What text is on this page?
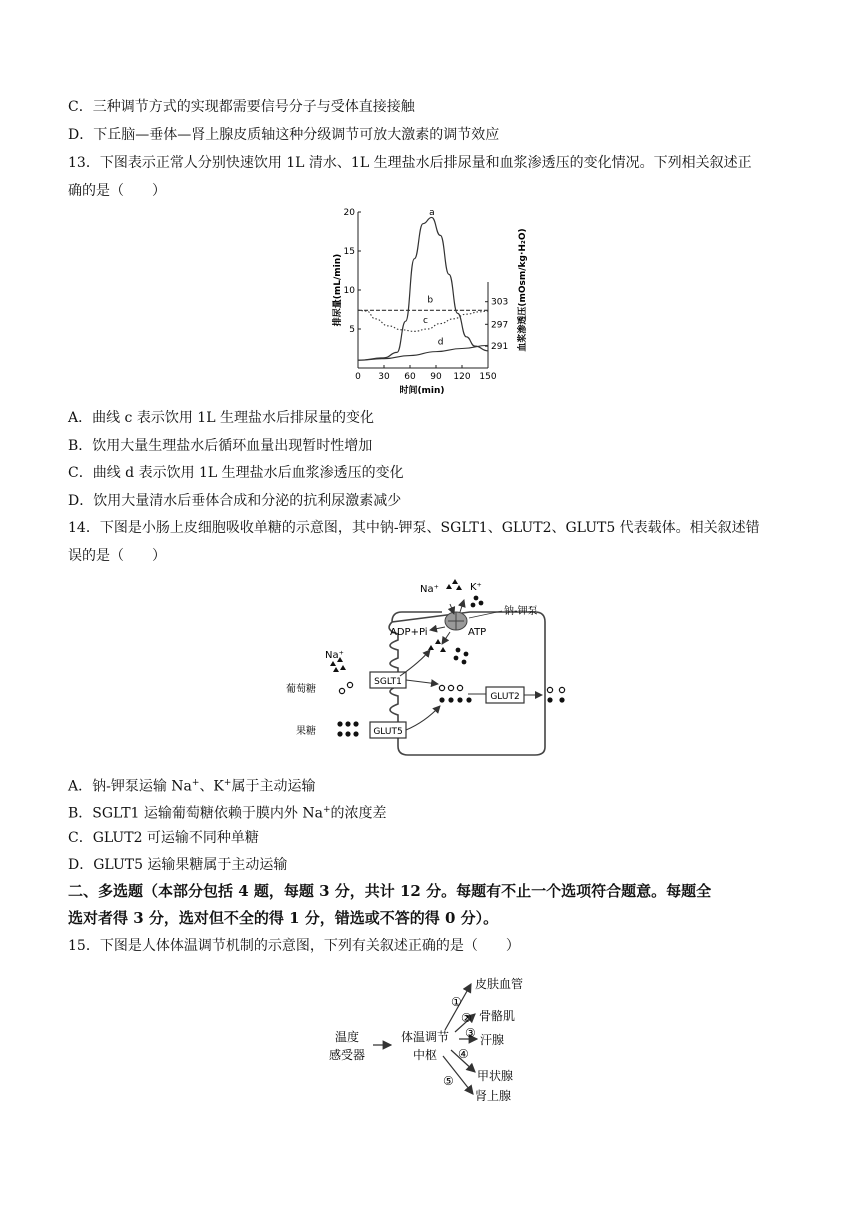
C．三种调节方式的实现都需要信号分子与受体直接接触
D．下丘脑—垂体—肾上腺皮质轴这种分级调节可放大激素的调节效应
13．下图表示正常人分别快速饮用 1L 清水、1L 生理盐水后排尿量和血浆渗透压的变化情况。下列相关叙述正
确的是（　　）
排尿量(mL/min)	血浆渗透压(mOsm/kg·H₂O)
时间(min)
0 30 60 90 120 150
5
10
15
20
291
297
303
a
b
c
d
A．曲线 c 表示饮用 1L 生理盐水后排尿量的变化
B．饮用大量生理盐水后循环血量出现暂时性增加
C．曲线 d 表示饮用 1L 生理盐水后血浆渗透压的变化
D．饮用大量清水后垂体合成和分泌的抗利尿激素减少
14．下图是小肠上皮细胞吸收单糖的示意图，其中钠-钾泵、SGLT1、GLUT2、GLUT5 代表载体。相关叙述错
误的是（　　）
Na⁺	K⁺
钠-钾泵
ADP+Pi	ATP
Na⁺
葡萄糖
果糖
SGLT1
GLUT2
GLUT5
A．钠-钾泵运输 Na+、K+属于主动运输
B．SGLT1 运输葡萄糖依赖于膜内外 Na+的浓度差
C．GLUT2 可运输不同种单糖
D．GLUT5 运输果糖属于主动运输
二、多选题（本部分包括 4 题，每题 3 分，共计 12 分。每题有不止一个选项符合题意。每题全
选对者得 3 分，选对但不全的得 1 分，错选或不答的得 0 分）。
15．下图是人体体温调节机制的示意图，下列有关叙述正确的是（　　）
温度
感受器
体温调节
中枢
①
②
③
④
⑤
皮肤血管
骨骼肌
汗腺
甲状腺
肾上腺
